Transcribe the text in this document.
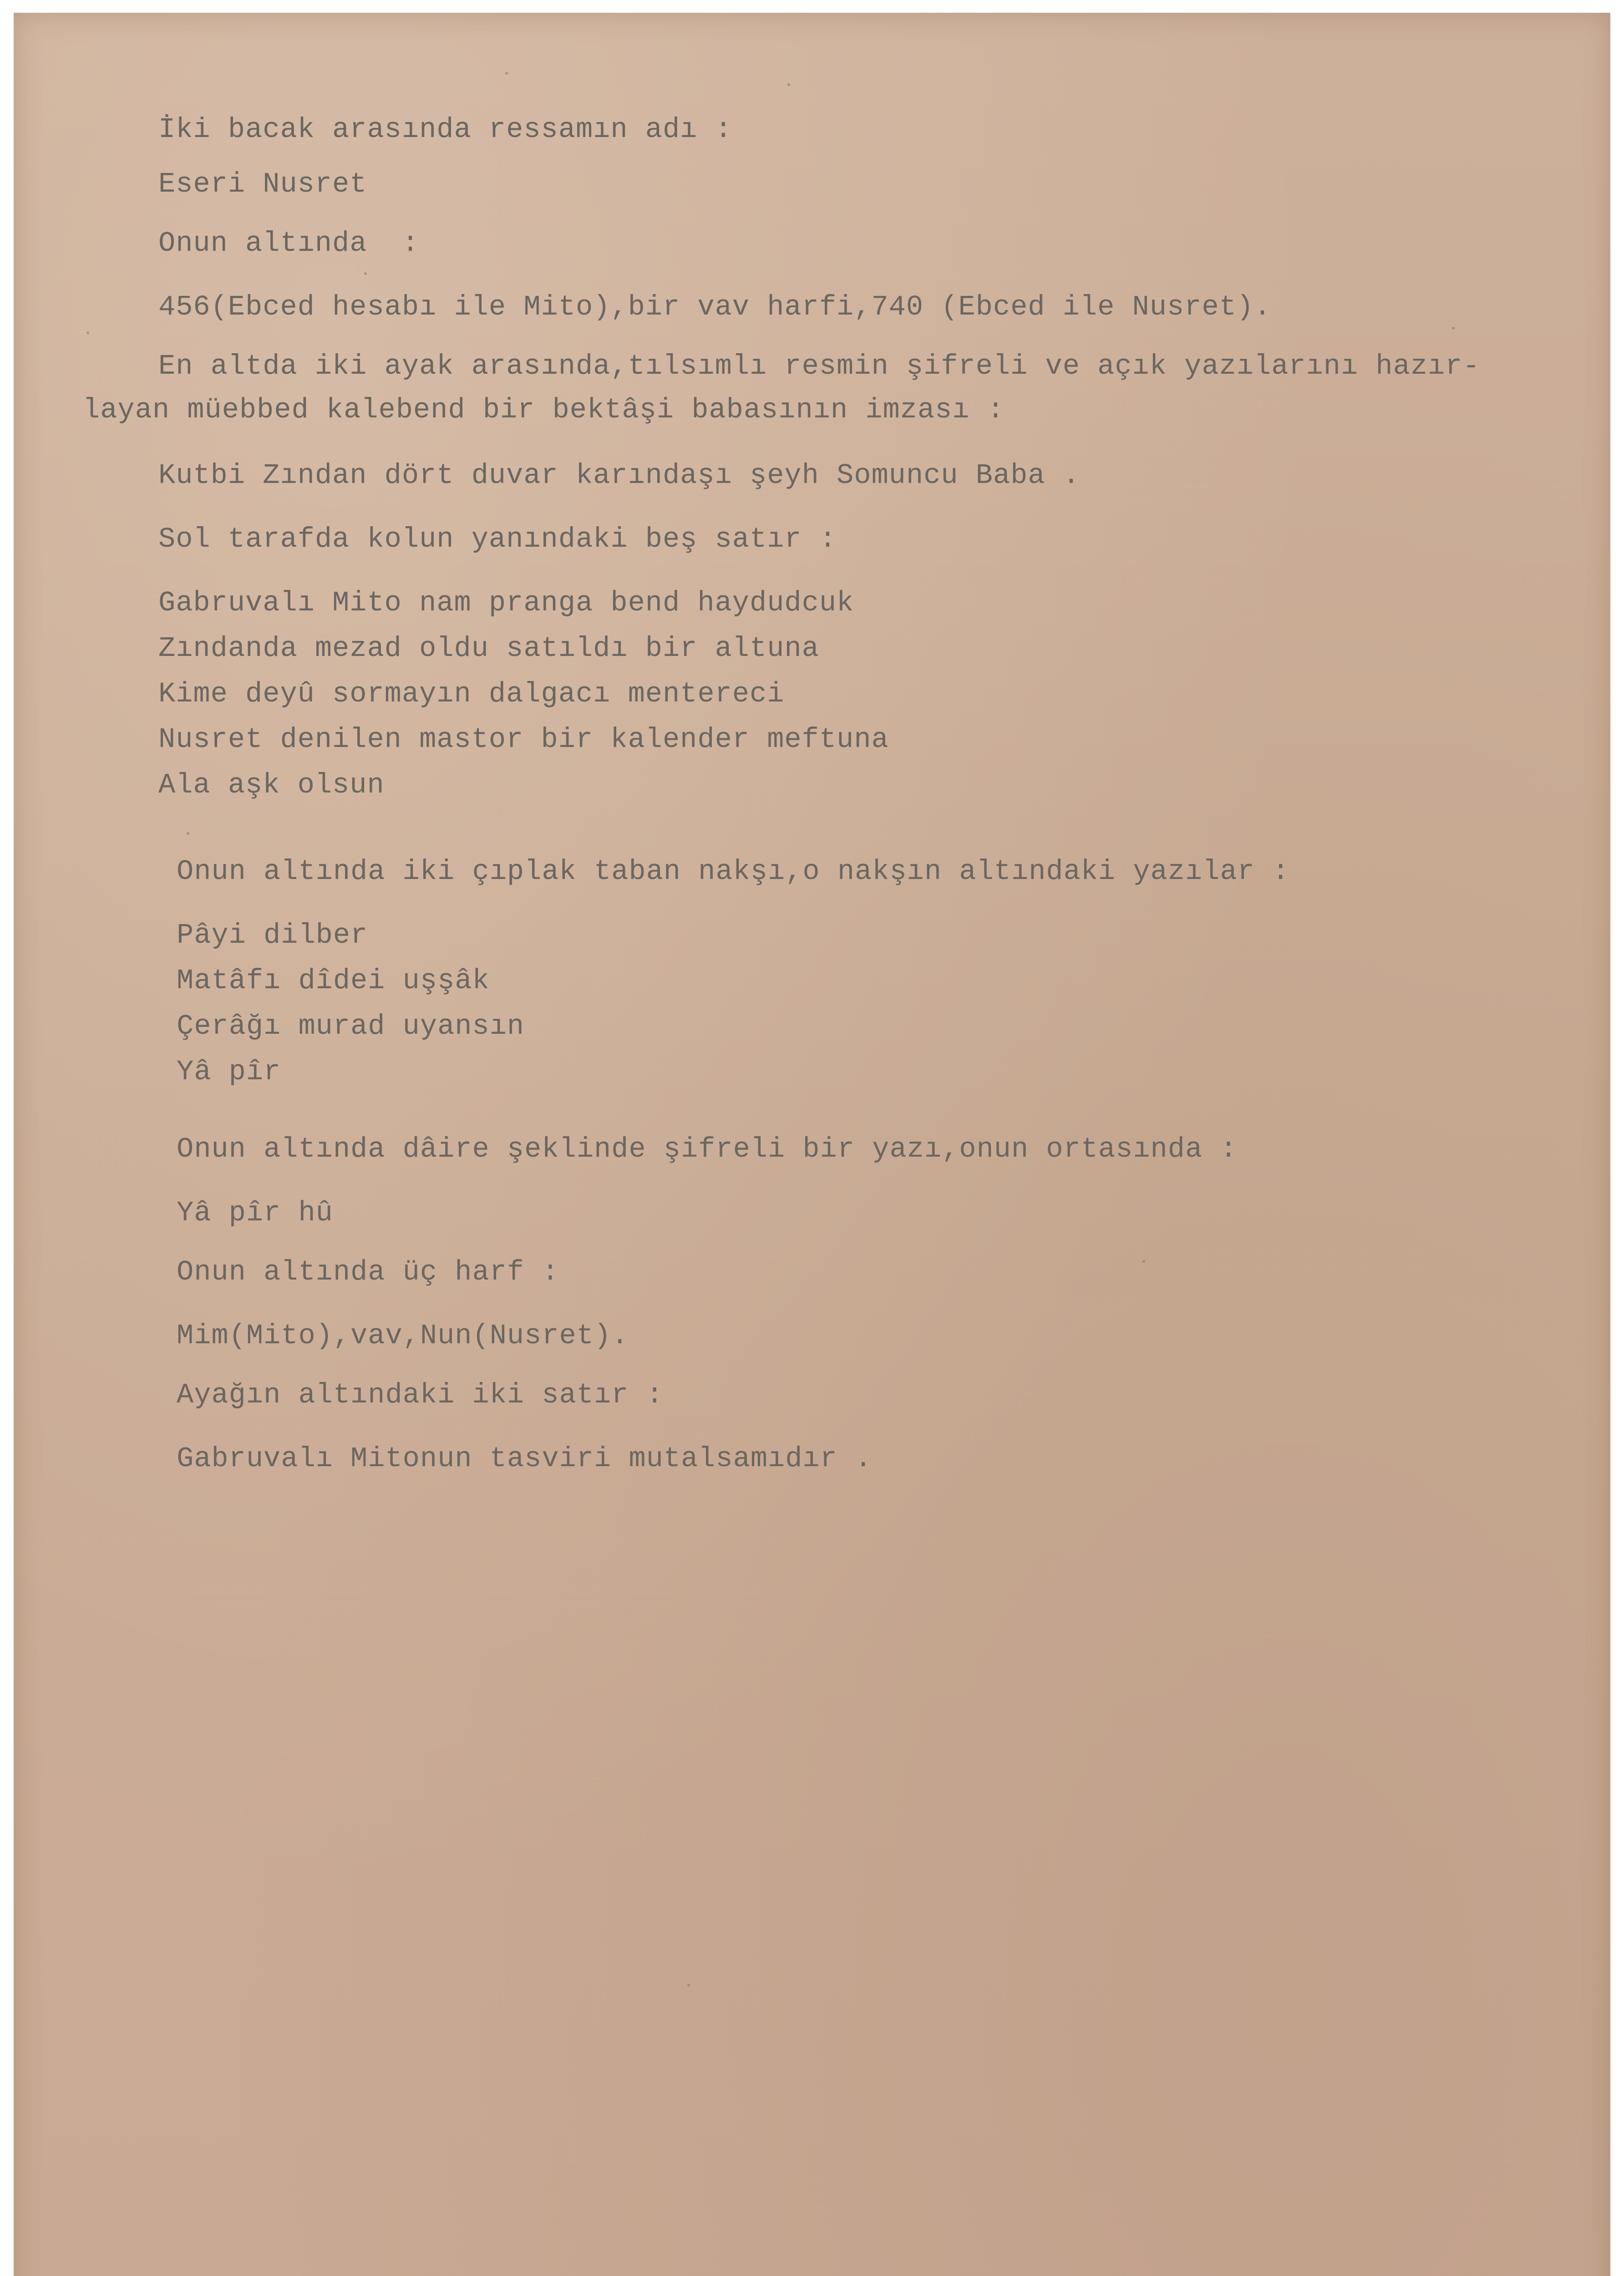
İki bacak arasında ressamın adı :

Eseri Nusret

Onun altında  :

456(Ebced hesabı ile Mito),bir vav harfi,740 (Ebced ile Nusret).

En altda iki ayak arasında,tılsımlı resmin şifreli ve açık yazılarını hazır-

layan müebbed kalebend bir bektâşi babasının imzası :

Kutbi Zından dört duvar karındaşı şeyh Somuncu Baba .

Sol tarafda kolun yanındaki beş satır :

Gabruvalı Mito nam pranga bend haydudcuk

Zındanda mezad oldu satıldı bir altuna

Kime deyû sormayın dalgacı mentereci

Nusret denilen mastor bir kalender meftuna

Ala aşk olsun

Onun altında iki çıplak taban nakşı,o nakşın altındaki yazılar :

Pâyi dilber

Matâfı dîdei uşşâk

Çerâğı murad uyansın

Yâ pîr

Onun altında dâire şeklinde şifreli bir yazı,onun ortasında :

Yâ pîr hû

Onun altında üç harf :

Mim(Mito),vav,Nun(Nusret).

Ayağın altındaki iki satır :

Gabruvalı Mitonun tasviri mutalsamıdır .
